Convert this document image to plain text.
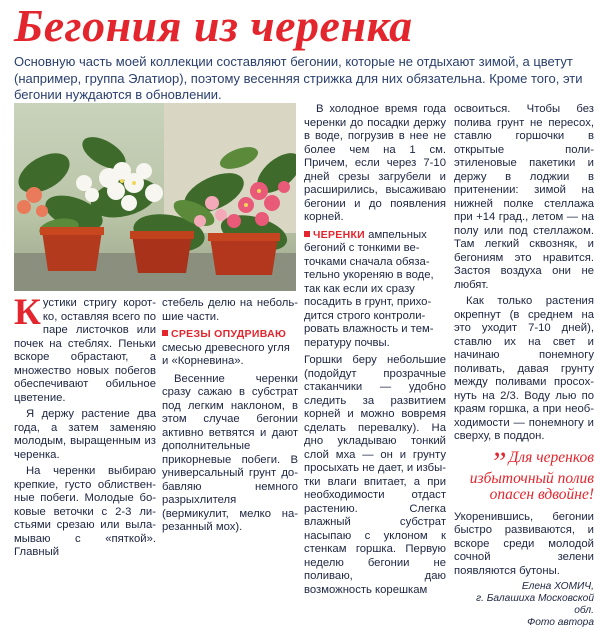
Бегония из черенка

Основную часть моей коллекции составляют бегонии, которые не отдыхают зимой, а цветут (например, группа Элатиор), поэтому весенняя стрижка для них обязательна. Кроме того, эти бегонии нуждаются в обновлении.

Кустики стригу коротко, оставляя всего по паре листочков или почек на стеблях. Пеньки вскоре обрастают, а множество новых побегов обеспечивают обильное цветение.

Я держу растение два года, а затем заменяю молодым, выращенным из черенка.

На черенки выбираю крепкие, густо облиственные побеги. Молодые боковые веточки с 2-3 листьями срезаю или выламываю с «пяткой». Главный

стебель делю на небольшие части.

СРЕЗЫ ОПУДРИВАЮ
смесью древесного угля и «Корневина».

Весенние черенки сразу сажаю в субстрат под легким наклоном, в этом случае бегонии активно ветвятся и дают дополнительные прикорневые побеги. В универсальный грунт добавляю немного разрыхлителя (вермикулит, мелко нарезанный мох).

В холодное время года черенки до посадки держу в воде, погрузив в нее не более чем на 1 см. Причем, если через 7-10 дней срезы загрубели и расширились, высаживаю бегонии и до появления корней.

ЧЕРЕНКИ ампельных бегоний с тонкими веточками сначала обязательно укореняю в воде, так как если их сразу посадить в грунт, приходится строго контролировать влажность и температуру почвы.

Горшки беру небольшие (подойдут прозрачные стаканчики — удобно следить за развитием корней и можно вовремя сделать перевалку). На дно укладываю тонкий слой мха — он и грунту просыхать не дает, и избытки влаги впитает, а при необходимости отдаст растению. Слегка влажный субстрат насыпаю с уклоном к стенкам горшка. Первую неделю бегонии не поливаю, даю возможность корешкам

освоиться. Чтобы без полива грунт не пересох, ставлю горшочки в открытые полиэтиленовые пакетики и держу в лоджии в притенении: зимой на нижней полке стеллажа при +14 град., летом — на полу или под стеллажом. Там легкий сквозняк, и бегониям это нравится. Застоя воздуха они не любят.

Как только растения окрепнут (в среднем на это уходит 7-10 дней), ставлю их на свет и начинаю понемногу поливать, давая грунту между поливами просохнуть на 2/3. Воду лью по краям горшка, а при необходимости — понемногу и сверху, в поддон.

” Для черенков избыточный полив опасен вдвойне!

Укоренившись, бегонии быстро развиваются, и вскоре среди молодой сочной зелени появляются бутоны.

Елена ХОМИЧ,
г. Балашиха Московской обл.
Фото автора
